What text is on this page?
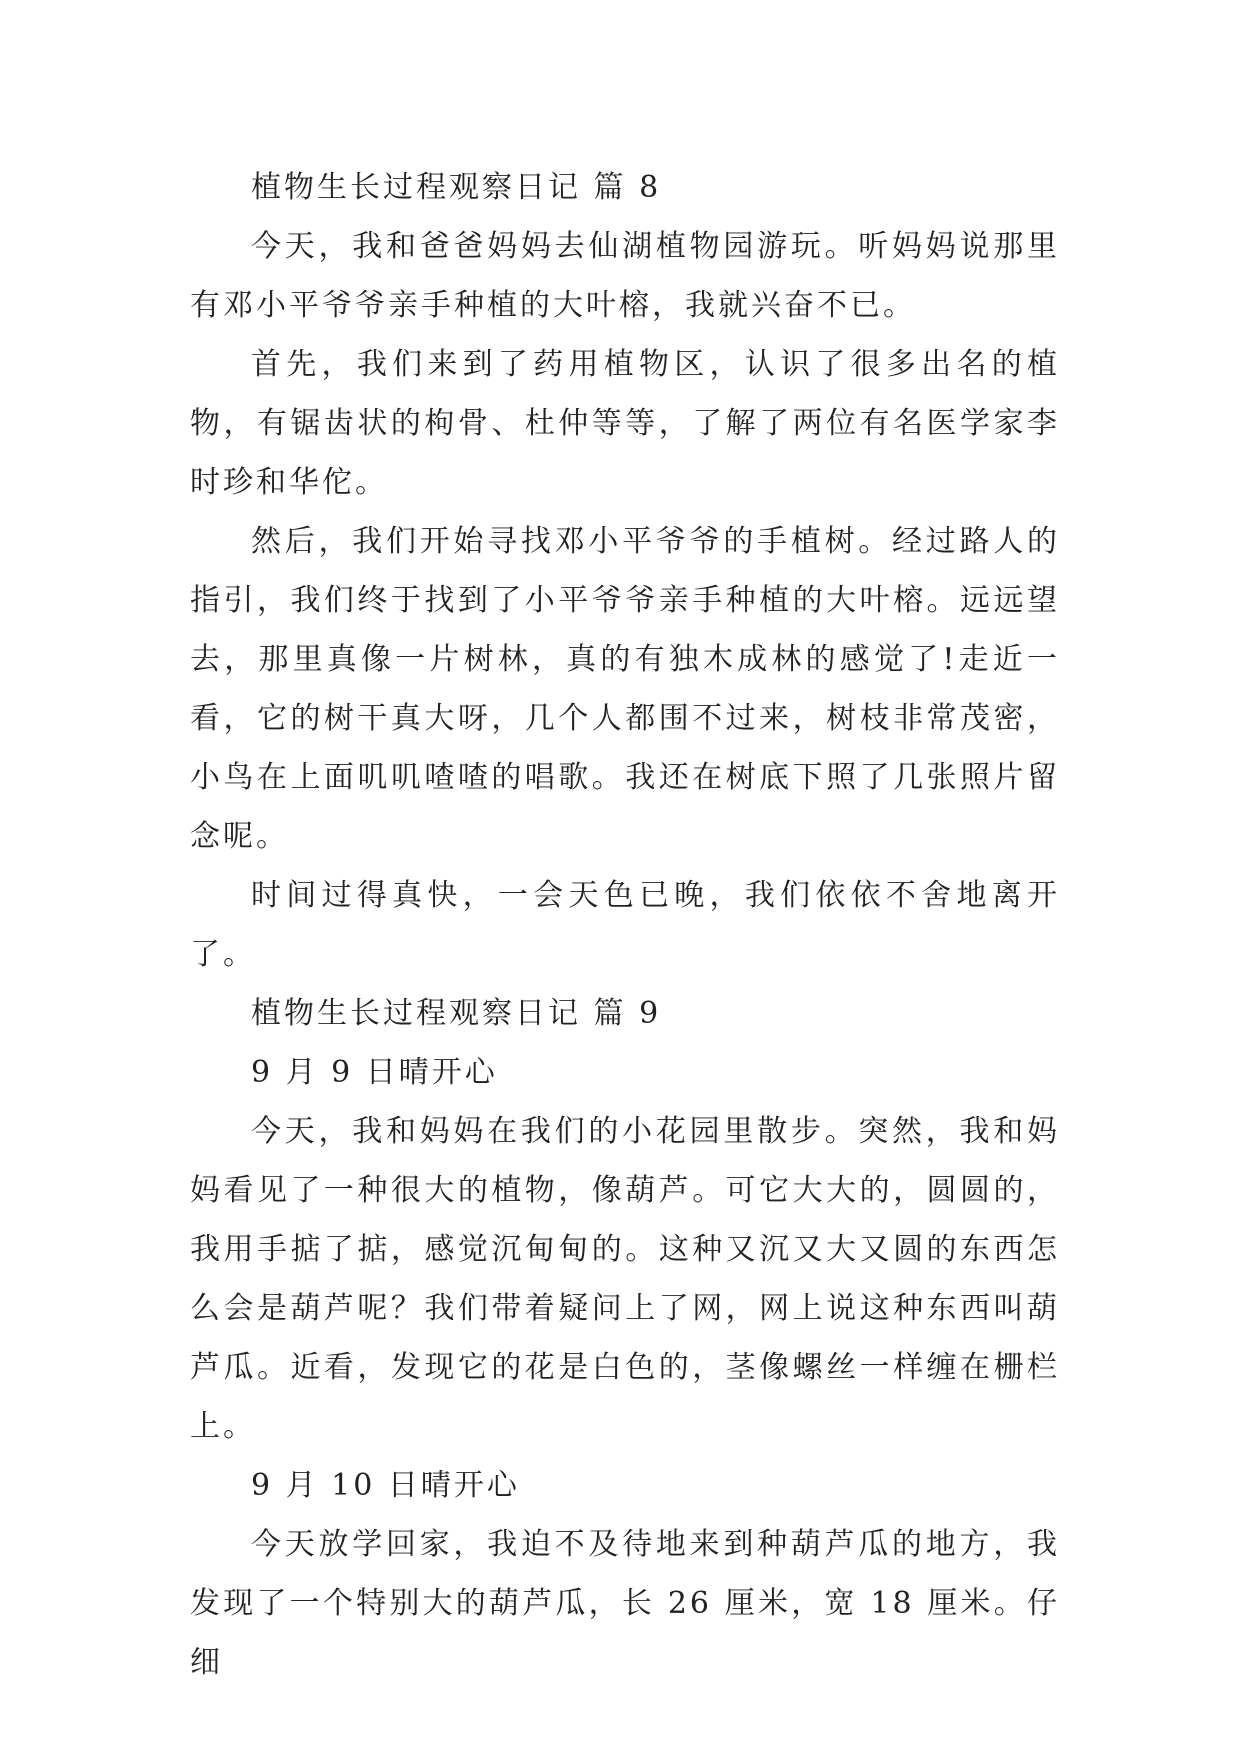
植物生长过程观察日记 篇 8

今天，我和爸爸妈妈去仙湖植物园游玩。听妈妈说那里有邓小平爷爷亲手种植的大叶榕，我就兴奋不已。

首先，我们来到了药用植物区，认识了很多出名的植物，有锯齿状的枸骨、杜仲等等，了解了两位有名医学家李时珍和华佗。

然后，我们开始寻找邓小平爷爷的手植树。经过路人的指引，我们终于找到了小平爷爷亲手种植的大叶榕。远远望去，那里真像一片树林，真的有独木成林的感觉了!走近一看，它的树干真大呀，几个人都围不过来，树枝非常茂密，小鸟在上面叽叽喳喳的唱歌。我还在树底下照了几张照片留念呢。

时间过得真快，一会天色已晚，我们依依不舍地离开了。

植物生长过程观察日记 篇 9

9 月 9 日晴开心

今天，我和妈妈在我们的小花园里散步。突然，我和妈妈看见了一种很大的植物，像葫芦。可它大大的，圆圆的，我用手掂了掂，感觉沉甸甸的。这种又沉又大又圆的东西怎么会是葫芦呢？我们带着疑问上了网，网上说这种东西叫葫芦瓜。近看，发现它的花是白色的，茎像螺丝一样缠在栅栏上。

9 月 10 日晴开心

今天放学回家，我迫不及待地来到种葫芦瓜的地方，我发现了一个特别大的葫芦瓜，长 26 厘米，宽 18 厘米。仔细
